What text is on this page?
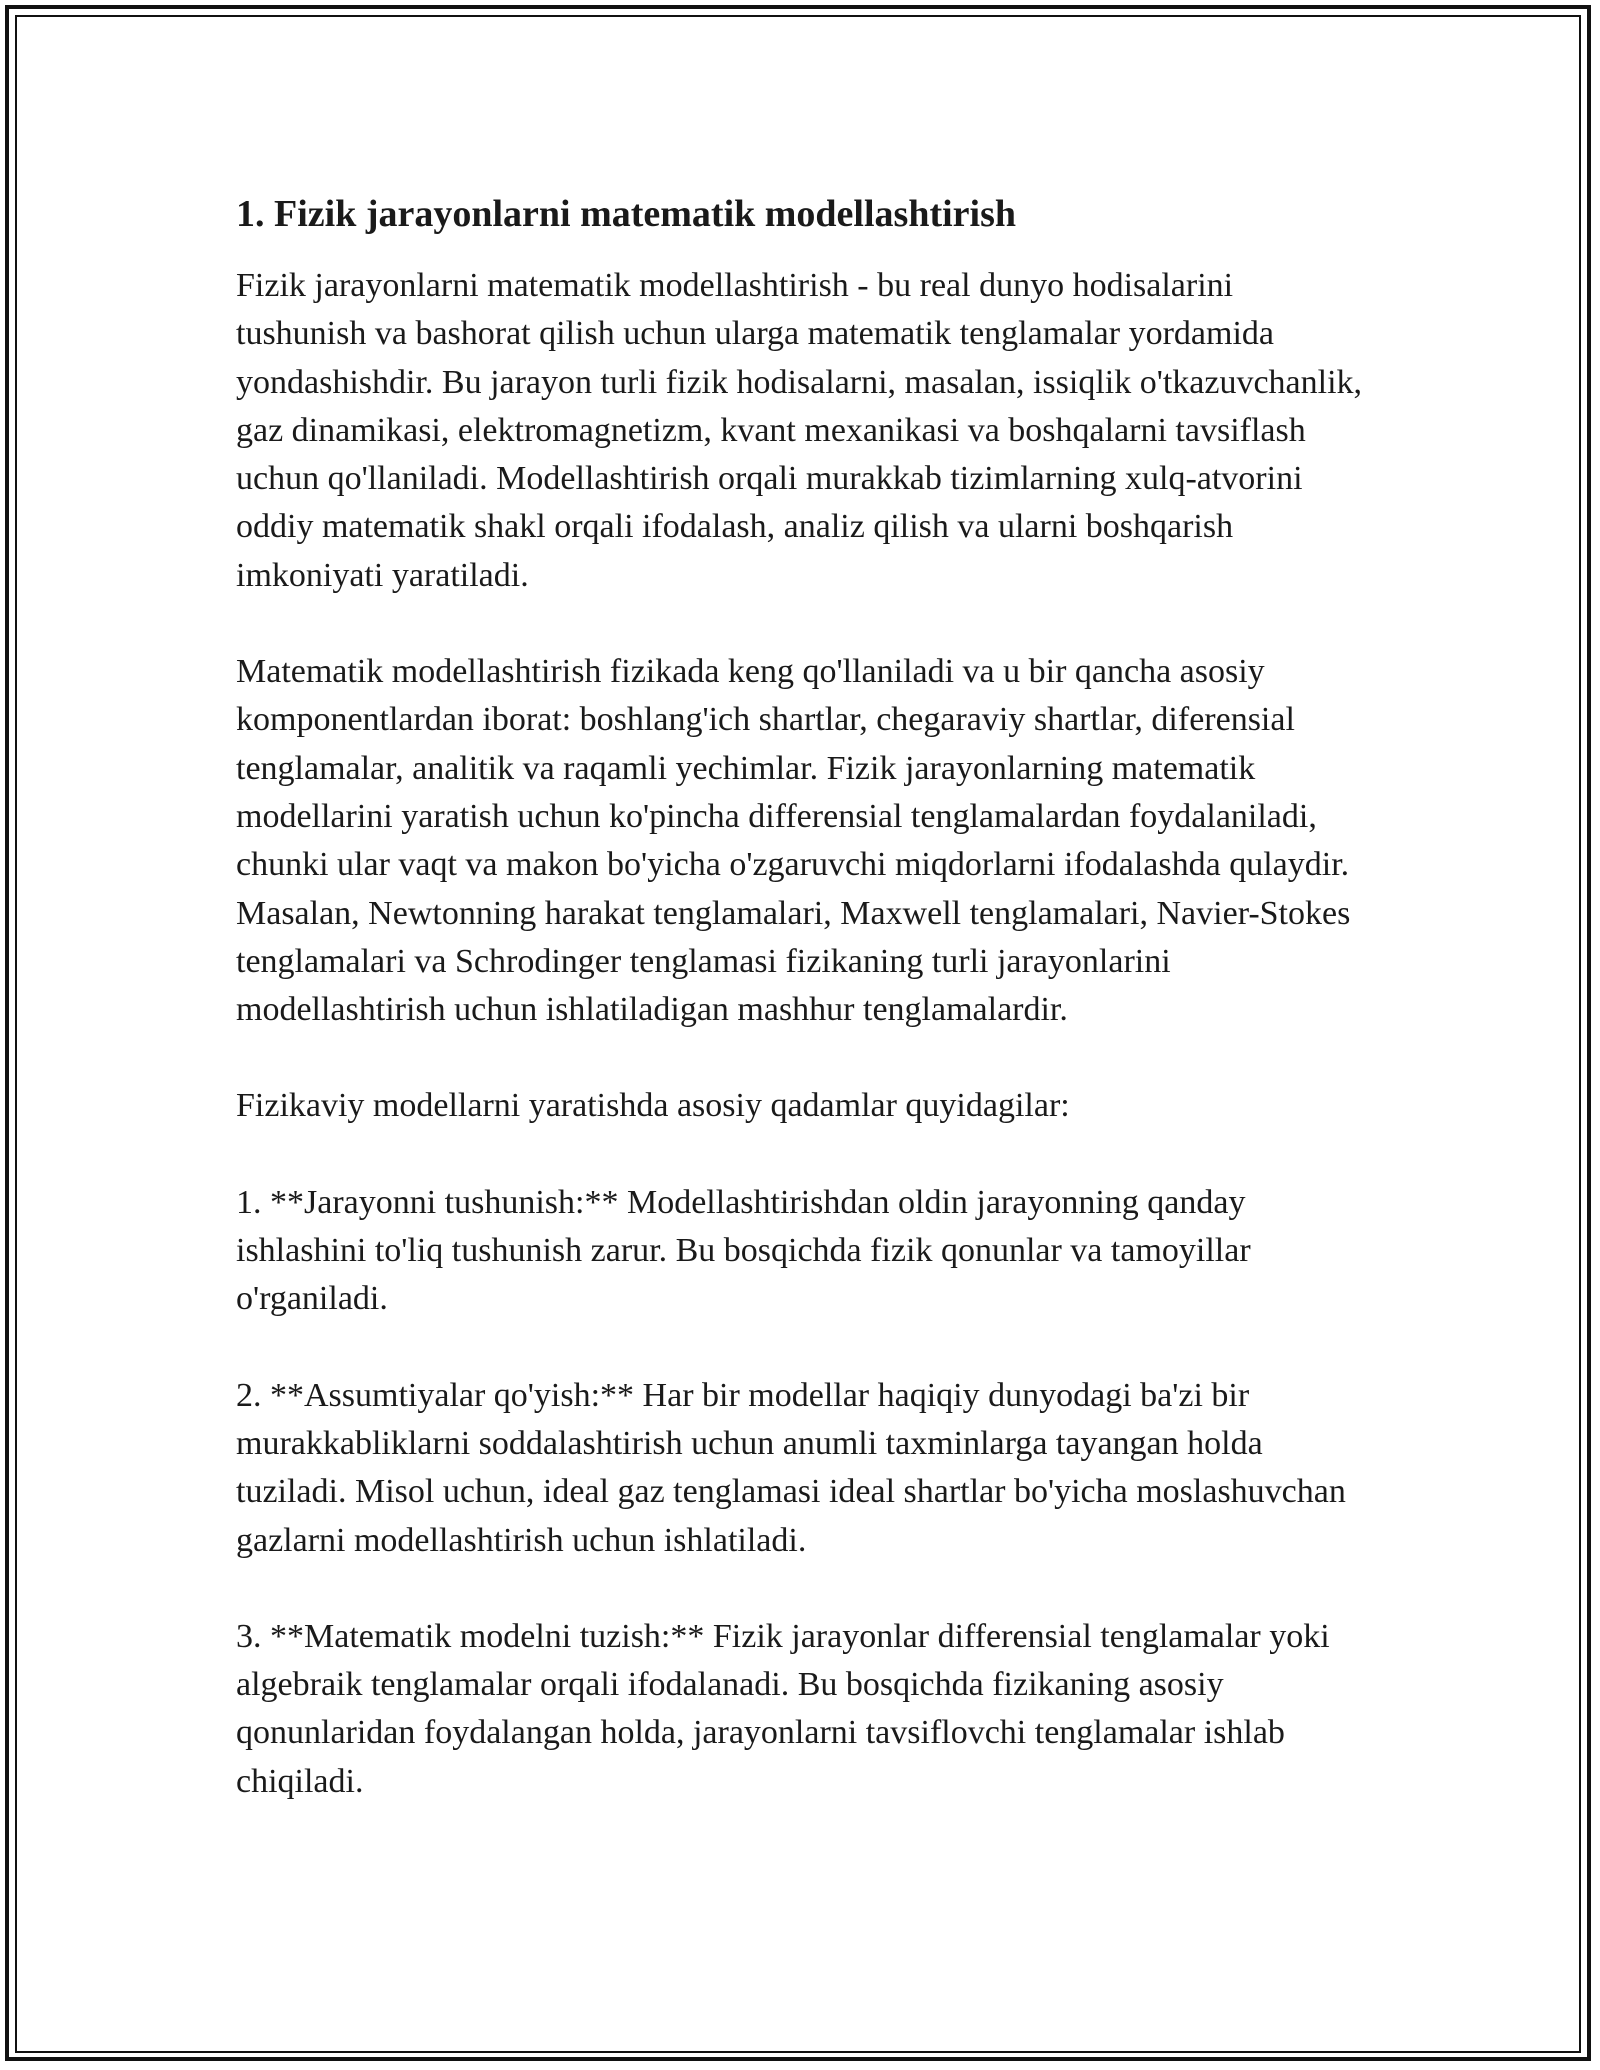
1. Fizik jarayonlarni matematik modellashtirish

Fizik jarayonlarni matematik modellashtirish - bu real dunyo hodisalarini tushunish va bashorat qilish uchun ularga matematik tenglamalar yordamida yondashishdir. Bu jarayon turli fizik hodisalarni, masalan, issiqlik o'tkazuvchanlik, gaz dinamikasi, elektromagnetizm, kvant mexanikasi va boshqalarni tavsiflash uchun qo'llaniladi. Modellashtirish orqali murakkab tizimlarning xulq-atvorini oddiy matematik shakl orqali ifodalash, analiz qilish va ularni boshqarish imkoniyati yaratiladi.

Matematik modellashtirish fizikada keng qo'llaniladi va u bir qancha asosiy komponentlardan iborat: boshlang'ich shartlar, chegaraviy shartlar, diferensial tenglamalar, analitik va raqamli yechimlar. Fizik jarayonlarning matematik modellarini yaratish uchun ko'pincha differensial tenglamalardan foydalaniladi, chunki ular vaqt va makon bo'yicha o'zgaruvchi miqdorlarni ifodalashda qulaydir. Masalan, Newtonning harakat tenglamalari, Maxwell tenglamalari, Navier-Stokes tenglamalari va Schrodinger tenglamasi fizikaning turli jarayonlarini modellashtirish uchun ishlatiladigan mashhur tenglamalardir.

Fizikaviy modellarni yaratishda asosiy qadamlar quyidagilar:

1. **Jarayonni tushunish:** Modellashtirishdan oldin jarayonning qanday ishlashini to'liq tushunish zarur. Bu bosqichda fizik qonunlar va tamoyillar o'rganiladi.

2. **Assumtiyalar qo'yish:** Har bir modellar haqiqiy dunyodagi ba'zi bir murakkabliklarni soddalashtirish uchun anumli taxminlarga tayangan holda tuziladi. Misol uchun, ideal gaz tenglamasi ideal shartlar bo'yicha moslashuvchan gazlarni modellashtirish uchun ishlatiladi.

3. **Matematik modelni tuzish:** Fizik jarayonlar differensial tenglamalar yoki algebraik tenglamalar orqali ifodalanadi. Bu bosqichda fizikaning asosiy qonunlaridan foydalangan holda, jarayonlarni tavsiflovchi tenglamalar ishlab chiqiladi.
